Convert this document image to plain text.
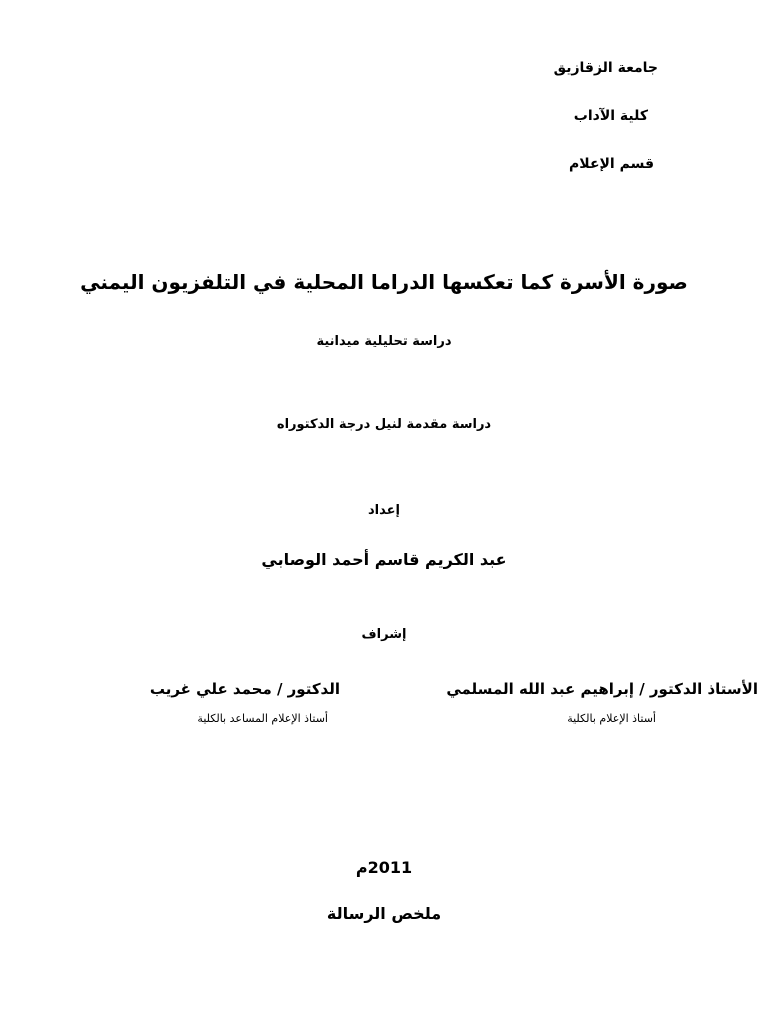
جامعة الزقازيق

كلية الآداب

قسم الإعلام

صورة الأسرة كما تعكسها الدراما المحلية في التلفزيون اليمني

دراسة تحليلية ميدانية

دراسة مقدمة لنيل درجة الدكتوراه

إعداد

عبد الكريم قاسم أحمد الوصابي

إشراف

الأستاذ الدكتور / إبراهيم عبد الله المسلمي

أستاذ الإعلام بالكلية

الدكتور / محمد علي غريب

أستاذ الإعلام المساعد بالكلية

2011م

ملخص الرسالة
